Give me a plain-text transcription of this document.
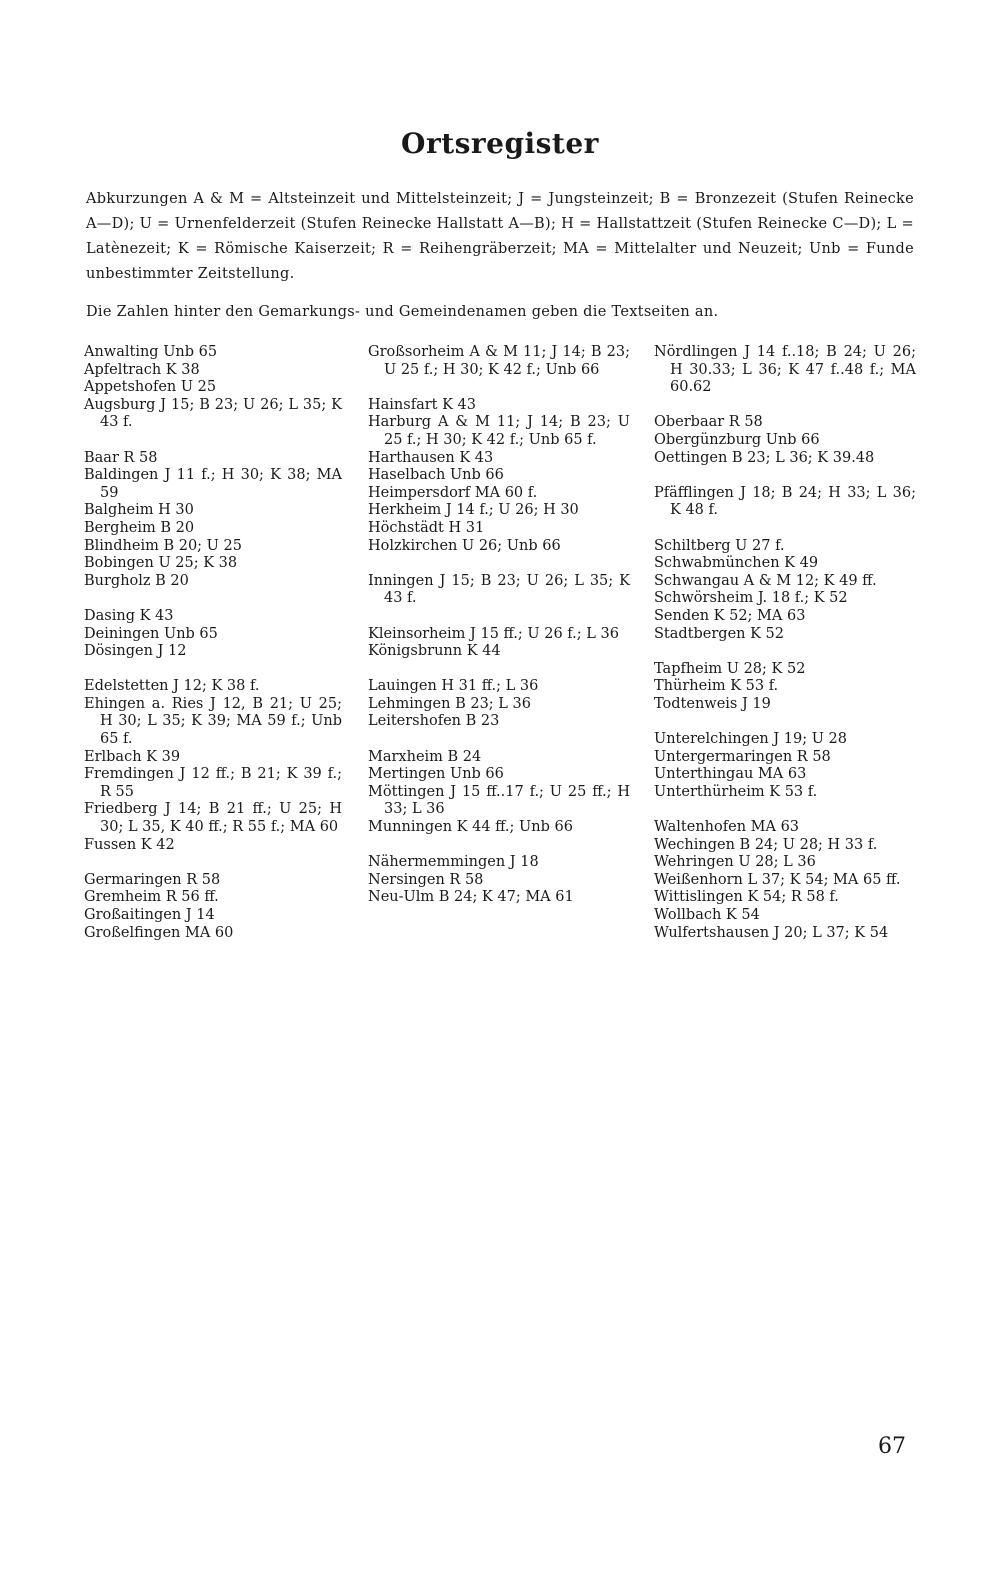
Ortsregister

Abkurzungen A & M = Altsteinzeit und Mittelsteinzeit; J = Jungsteinzeit; B = Bronzezeit (Stufen Reinecke A—D); U = Urnenfelderzeit (Stufen Reinecke Hallstatt A—B); H = Hallstattzeit (Stufen Reinecke C—D); L = Latènezeit; K = Römische Kaiserzeit; R = Reihengräberzeit; MA = Mittelalter und Neuzeit; Unb = Funde unbestimmter Zeitstellung.

Die Zahlen hinter den Gemarkungs- und Gemeindenamen geben die Textseiten an.

Anwalting Unb 65
Apfeltrach K 38
Appetshofen U 25
Augsburg J 15; B 23; U 26; L 35; K 43 f.
Baar R 58
Baldingen J 11 f.; H 30; K 38; MA 59
Balgheim H 30
Bergheim B 20
Blindheim B 20; U 25
Bobingen U 25; K 38
Burgholz B 20
Dasing K 43
Deiningen Unb 65
Dösingen J 12
Edelstetten J 12; K 38 f.
Ehingen a. Ries J 12, B 21; U 25; H 30; L 35; K 39; MA 59 f.; Unb 65 f.
Erlbach K 39
Fremdingen J 12 ff.; B 21; K 39 f.; R 55
Friedberg J 14; B 21 ff.; U 25; H 30; L 35, K 40 ff.; R 55 f.; MA 60
Fussen K 42
Germaringen R 58
Gremheim R 56 ff.
Großaitingen J 14
Großelfingen MA 60
Großsorheim A & M 11; J 14; B 23; U 25 f.; H 30; K 42 f.; Unb 66
Hainsfart K 43
Harburg A & M 11; J 14; B 23; U 25 f.; H 30; K 42 f.; Unb 65 f.
Harthausen K 43
Haselbach Unb 66
Heimpersdorf MA 60 f.
Herkheim J 14 f.; U 26; H 30
Höchstädt H 31
Holzkirchen U 26; Unb 66
Inningen J 15; B 23; U 26; L 35; K 43 f.
Kleinsorheim J 15 ff.; U 26 f.; L 36
Königsbrunn K 44
Lauingen H 31 ff.; L 36
Lehmingen B 23; L 36
Leitershofen B 23
Marxheim B 24
Mertingen Unb 66
Möttingen J 15 ff..17 f.; U 25 ff.; H 33; L 36
Munningen K 44 ff.; Unb 66
Nähermemmingen J 18
Nersingen R 58
Neu-Ulm B 24; K 47; MA 61
Nördlingen J 14 f..18; B 24; U 26; H 30.33; L 36; K 47 f..48 f.; MA 60.62
Oberbaar R 58
Obergünzburg Unb 66
Oettingen B 23; L 36; K 39.48
Pfäfflingen J 18; B 24; H 33; L 36; K 48 f.
Schiltberg U 27 f.
Schwabmünchen K 49
Schwangau A & M 12; K 49 ff.
Schwörsheim J. 18 f.; K 52
Senden K 52; MA 63
Stadtbergen K 52
Tapfheim U 28; K 52
Thürheim K 53 f.
Todtenweis J 19
Unterelchingen J 19; U 28
Untergermaringen R 58
Unterthingau MA 63
Unterthürheim K 53 f.
Waltenhofen MA 63
Wechingen B 24; U 28; H 33 f.
Wehringen U 28; L 36
Weißenhorn L 37; K 54; MA 65 ff.
Wittislingen K 54; R 58 f.
Wollbach K 54
Wulfertshausen J 20; L 37; K 54
67
